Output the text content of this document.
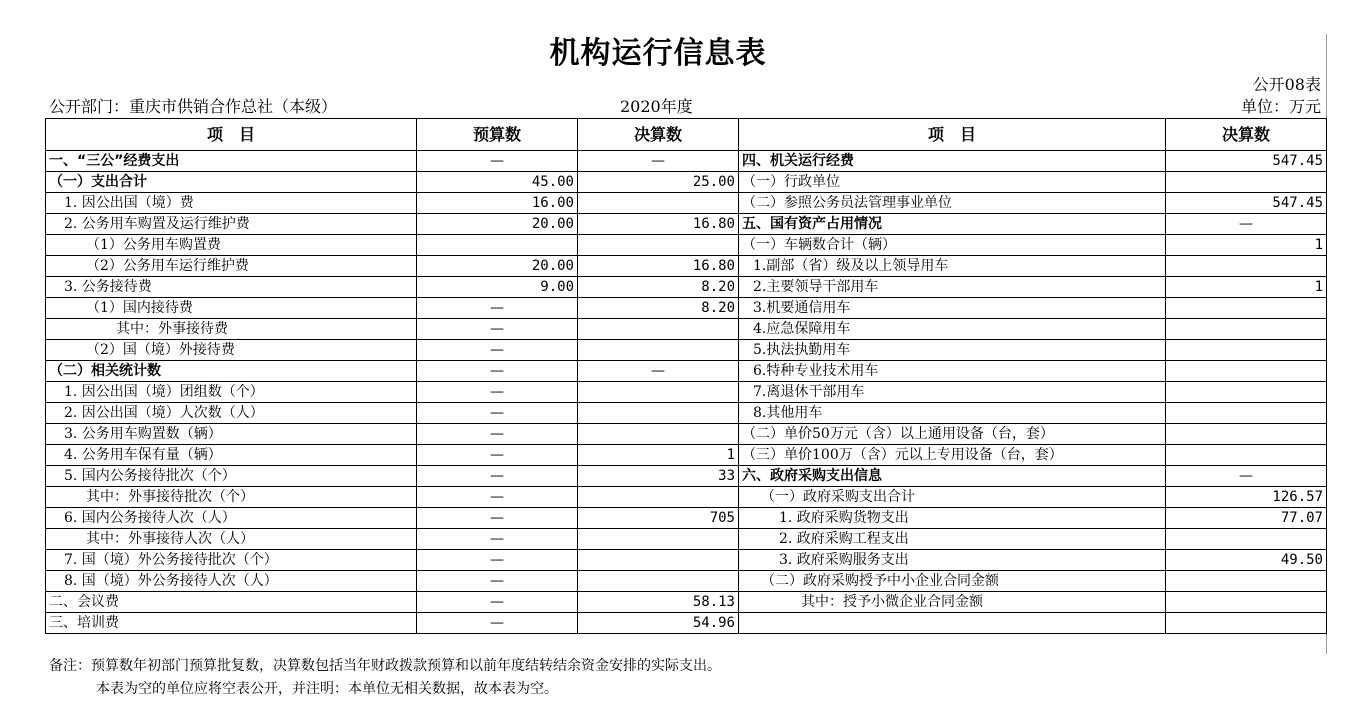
机构运行信息表
公开08表
公开部门：重庆市供销合作总社（本级）	2020年度	单位：万元
项　目	预算数	决算数	项　目	决算数
一、“三公”经费支出	—	—	四、机关运行经费	547.45
（一）支出合计	45.00	25.00	（一）行政单位	
1. 因公出国（境）费	16.00		（二）参照公务员法管理事业单位	547.45
2. 公务用车购置及运行维护费	20.00	16.80	五、国有资产占用情况	—
（1）公务用车购置费			（一）车辆数合计（辆）	1
（2）公务用车运行维护费	20.00	16.80	1.副部（省）级及以上领导用车	
3. 公务接待费	9.00	8.20	2.主要领导干部用车	1
（1）国内接待费	—	8.20	3.机要通信用车	
其中：外事接待费	—		4.应急保障用车	
（2）国（境）外接待费	—		5.执法执勤用车	
（二）相关统计数	—	—	6.特种专业技术用车	
1. 因公出国（境）团组数（个）	—		7.离退休干部用车	
2. 因公出国（境）人次数（人）	—		8.其他用车	
3. 公务用车购置数（辆）	—		（二）单价50万元（含）以上通用设备（台，套）	
4. 公务用车保有量（辆）	—	1	（三）单价100万（含）元以上专用设备（台，套）	
5. 国内公务接待批次（个）	—	33	六、政府采购支出信息	—
其中：外事接待批次（个）	—		（一）政府采购支出合计	126.57
6. 国内公务接待人次（人）	—	705	1. 政府采购货物支出	77.07
其中：外事接待人次（人）	—		2. 政府采购工程支出	
7. 国（境）外公务接待批次（个）	—		3. 政府采购服务支出	49.50
8. 国（境）外公务接待人次（人）	—		（二）政府采购授予中小企业合同金额	
二、会议费	—	58.13	其中：授予小微企业合同金额	
三、培训费	—	54.96		
备注：预算数年初部门预算批复数，决算数包括当年财政拨款预算和以前年度结转结余资金安排的实际支出。
本表为空的单位应将空表公开，并注明：本单位无相关数据，故本表为空。
